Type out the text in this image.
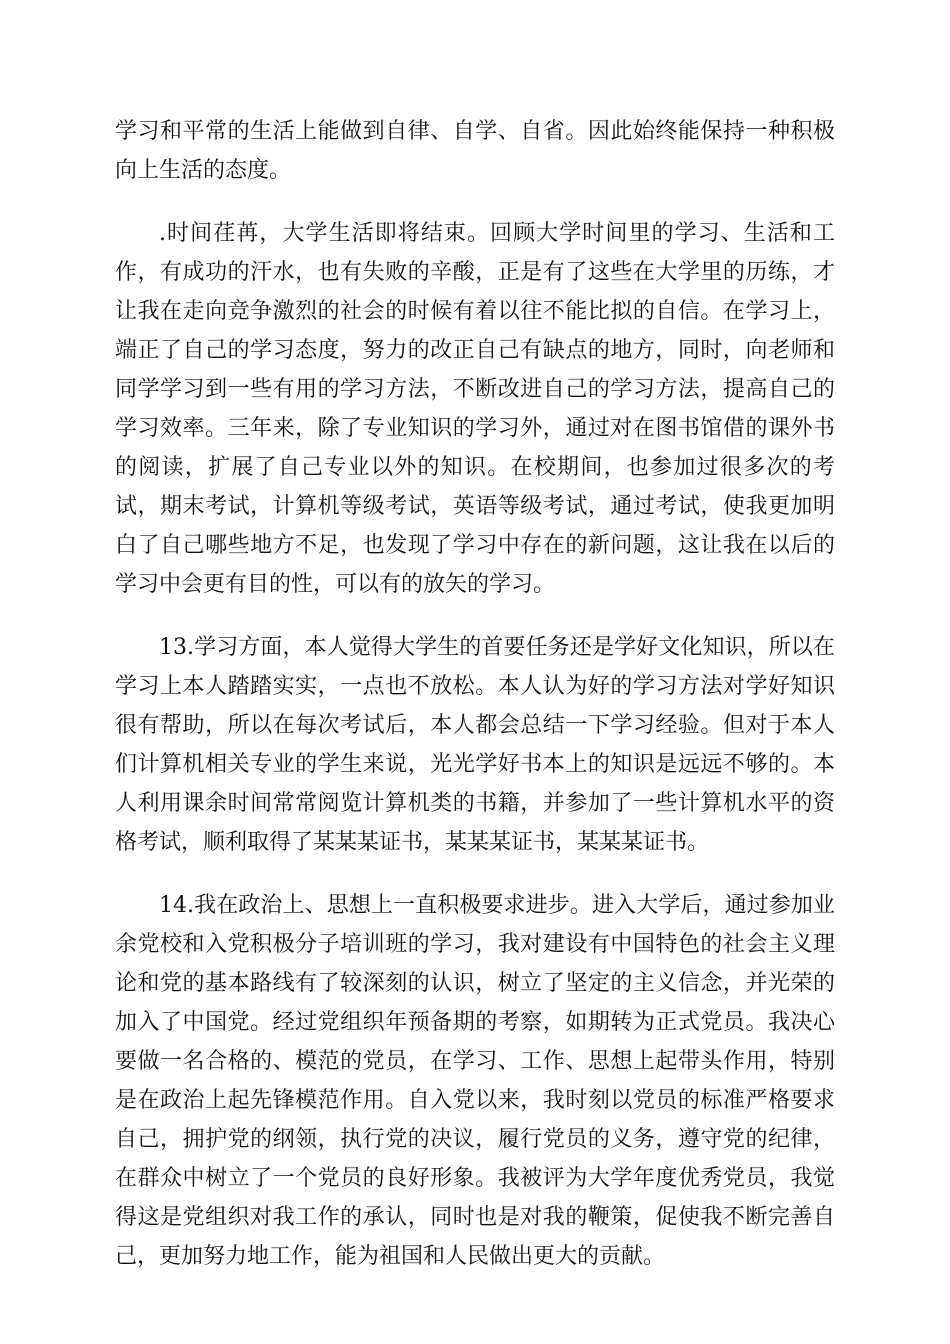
学习和平常的生活上能做到自律、自学、自省。因此始终能保持一种积极向上生活的态度。

.时间荏苒，大学生活即将结束。回顾大学时间里的学习、生活和工作，有成功的汗水，也有失败的辛酸，正是有了这些在大学里的历练，才让我在走向竞争激烈的社会的时候有着以往不能比拟的自信。在学习上，端正了自己的学习态度，努力的改正自己有缺点的地方，同时，向老师和同学学习到一些有用的学习方法，不断改进自己的学习方法，提高自己的学习效率。三年来，除了专业知识的学习外，通过对在图书馆借的课外书的阅读，扩展了自己专业以外的知识。在校期间，也参加过很多次的考试，期末考试，计算机等级考试，英语等级考试，通过考试，使我更加明白了自己哪些地方不足，也发现了学习中存在的新问题，这让我在以后的学习中会更有目的性，可以有的放矢的学习。

13.学习方面，本人觉得大学生的首要任务还是学好文化知识，所以在学习上本人踏踏实实，一点也不放松。本人认为好的学习方法对学好知识很有帮助，所以在每次考试后，本人都会总结一下学习经验。但对于本人们计算机相关专业的学生来说，光光学好书本上的知识是远远不够的。本人利用课余时间常常阅览计算机类的书籍，并参加了一些计算机水平的资格考试，顺利取得了某某某证书，某某某证书，某某某证书。

14.我在政治上、思想上一直积极要求进步。进入大学后，通过参加业余党校和入党积极分子培训班的学习，我对建设有中国特色的社会主义理论和党的基本路线有了较深刻的认识，树立了坚定的主义信念，并光荣的加入了中国党。经过党组织年预备期的考察，如期转为正式党员。我决心要做一名合格的、模范的党员，在学习、工作、思想上起带头作用，特别是在政治上起先锋模范作用。自入党以来，我时刻以党员的标准严格要求自己，拥护党的纲领，执行党的决议，履行党员的义务，遵守党的纪律，在群众中树立了一个党员的良好形象。我被评为大学年度优秀党员，我觉得这是党组织对我工作的承认，同时也是对我的鞭策，促使我不断完善自己，更加努力地工作，能为祖国和人民做出更大的贡献。
